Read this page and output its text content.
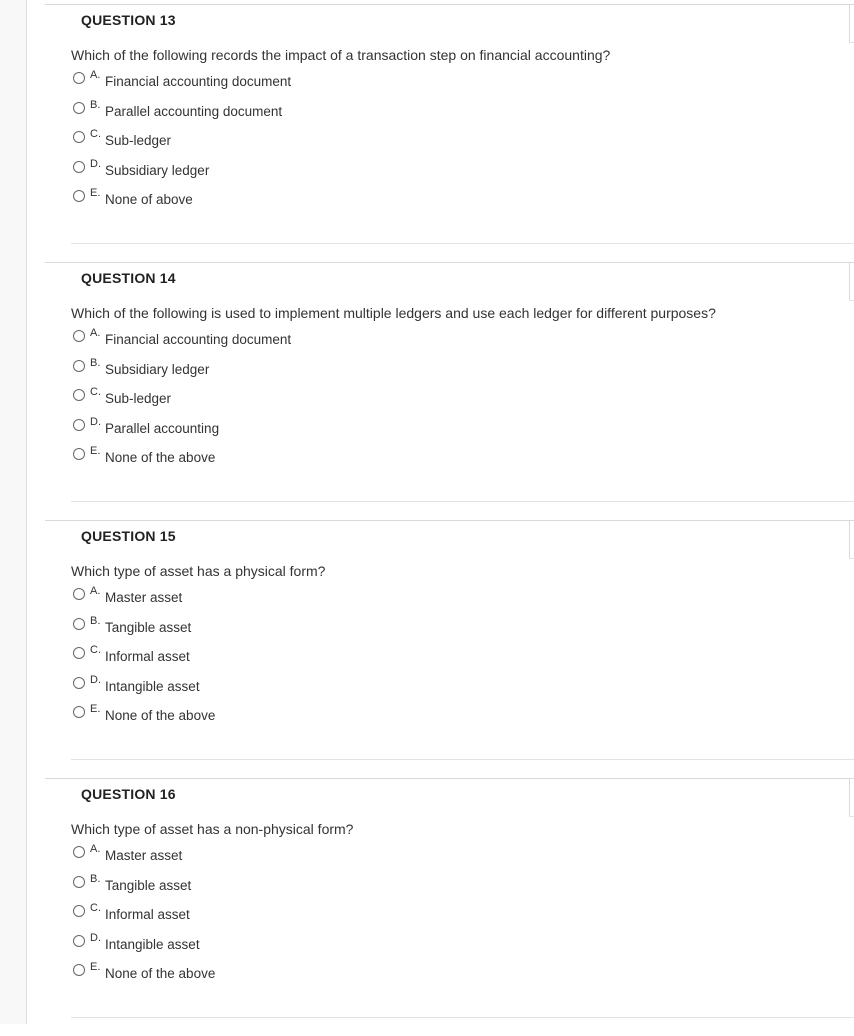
QUESTION 13
Which of the following records the impact of a transaction step on financial accounting?
A. Financial accounting document
B. Parallel accounting document
C. Sub-ledger
D. Subsidiary ledger
E. None of above
QUESTION 14
Which of the following is used to implement multiple ledgers and use each ledger for different purposes?
A. Financial accounting document
B. Subsidiary ledger
C. Sub-ledger
D. Parallel accounting
E. None of the above
QUESTION 15
Which type of asset has a physical form?
A. Master asset
B. Tangible asset
C. Informal asset
D. Intangible asset
E. None of the above
QUESTION 16
Which type of asset has a non-physical form?
A. Master asset
B. Tangible asset
C. Informal asset
D. Intangible asset
E. None of the above
